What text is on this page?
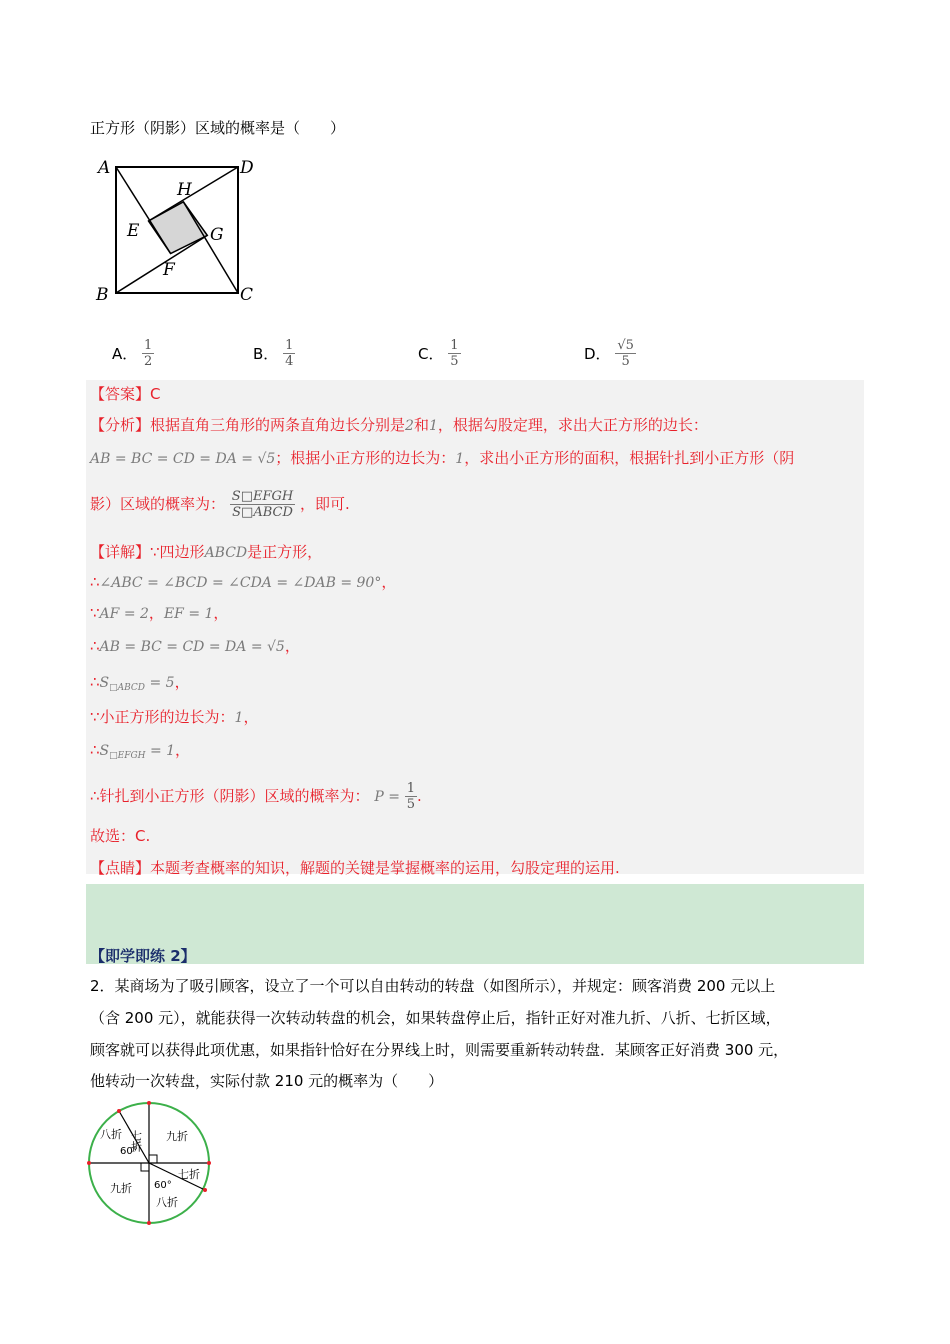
正方形（阴影）区域的概率是（　　）
A	D
B	C
H
E	G
F
A． $\frac{1}{2}$	B． $\frac{1}{4}$	C． $\frac{1}{5}$	D． $\frac{√5}{5}$
【答案】C
【分析】根据直角三角形的两条直角边长分别是2和1，根据勾股定理，求出大正方形的边长：
AB = BC = CD = DA = √5；根据小正方形的边长为：1，求出小正方形的面积，根据针扎到小正方形（阴
影）区域的概率为： $\frac{\text{S□EFGH}}{\text{S□ABCD}}$ ，即可.
【详解】∵四边形ABCD是正方形，
∴∠ABC = ∠BCD = ∠CDA = ∠DAB = 90°，
∵AF = 2，EF = 1，
∴AB = BC = CD = DA = √5，
$\therefore S_{□ABCD} = 5$，
∵小正方形的边长为：1，
$\therefore S_{□EFGH} = 1$，
∴针扎到小正方形（阴影）区域的概率为： $P = \frac{1}{5}$ .
故选：C.
【点睛】本题考查概率的知识，解题的关键是掌握概率的运用，勾股定理的运用.
【即学即练 2】
2．某商场为了吸引顾客，设立了一个可以自由转动的转盘（如图所示），并规定：顾客消费 200 元以上
（含 200 元），就能获得一次转动转盘的机会，如果转盘停止后，指针正好对准九折、八折、七折区域，
顾客就可以获得此项优惠，如果指针恰好在分界线上时，则需要重新转动转盘．某顾客正好消费 300 元，
他转动一次转盘，实际付款 210 元的概率为（　　）
七折
八折	九折
七折
九折
八折
60°
60°
